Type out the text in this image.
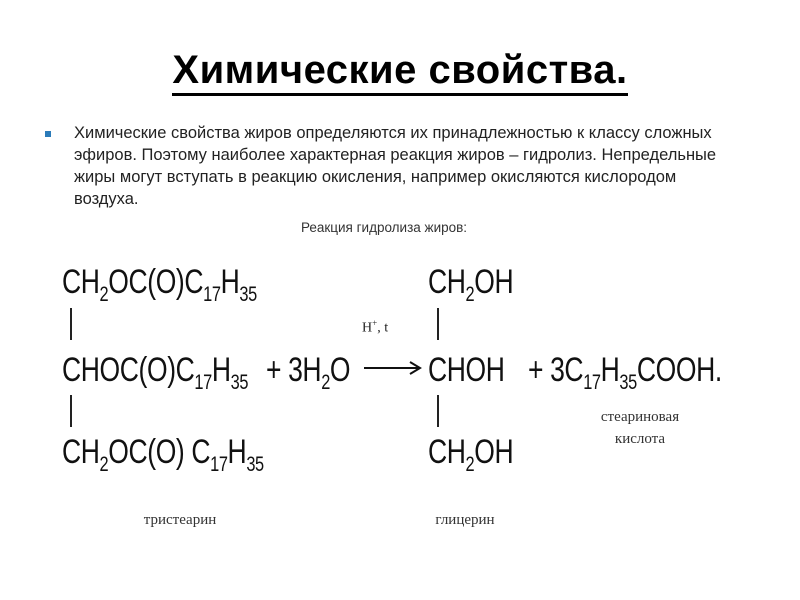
Химические свойства.
Химические свойства жиров определяются их принадлежностью к классу сложных эфиров. Поэтому наиболее характерная реакция жиров – гидролиз. Непредельные жиры могут вступать в реакцию окисления, например окисляются кислородом воздуха.
Реакция гидролиза жиров:
$CH_2OC(O)C_{17}H_{35}$
$CHOC(O)C_{17}H_{35}$
$CH_2OC(O)$ $C_{17}H_{35}$
тристеарин
+ $3H_2O$
H+, t
$CH_2OH$
CHOH
$CH_2OH$
глицерин
+ $3C_{17}H_{35}COOH$.
стеариновая
кислота
